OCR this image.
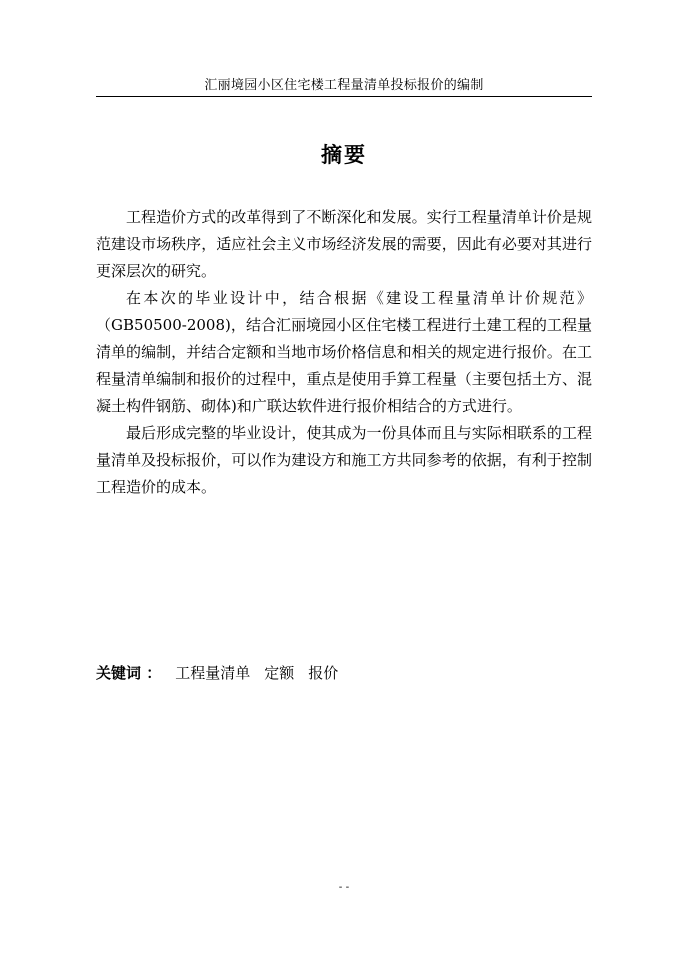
汇丽境园小区住宅楼工程量清单投标报价的编制
摘要

工程造价方式的改革得到了不断深化和发展。实行工程量清单计价是规范建设市场秩序，适应社会主义市场经济发展的需要，因此有必要对其进行更深层次的研究。

在本次的毕业设计中，结合根据《建设工程量清单计价规范》（GB50500-2008)，结合汇丽境园小区住宅楼工程进行土建工程的工程量清单的编制，并结合定额和当地市场价格信息和相关的规定进行报价。在工程量清单编制和报价的过程中，重点是使用手算工程量（主要包括土方、混凝土构件钢筋、砌体)和广联达软件进行报价相结合的方式进行。

最后形成完整的毕业设计，使其成为一份具体而且与实际相联系的工程量清单及投标报价，可以作为建设方和施工方共同参考的依据，有利于控制工程造价的成本。

关键词 ： 工程量清单 定额 报价
- -
